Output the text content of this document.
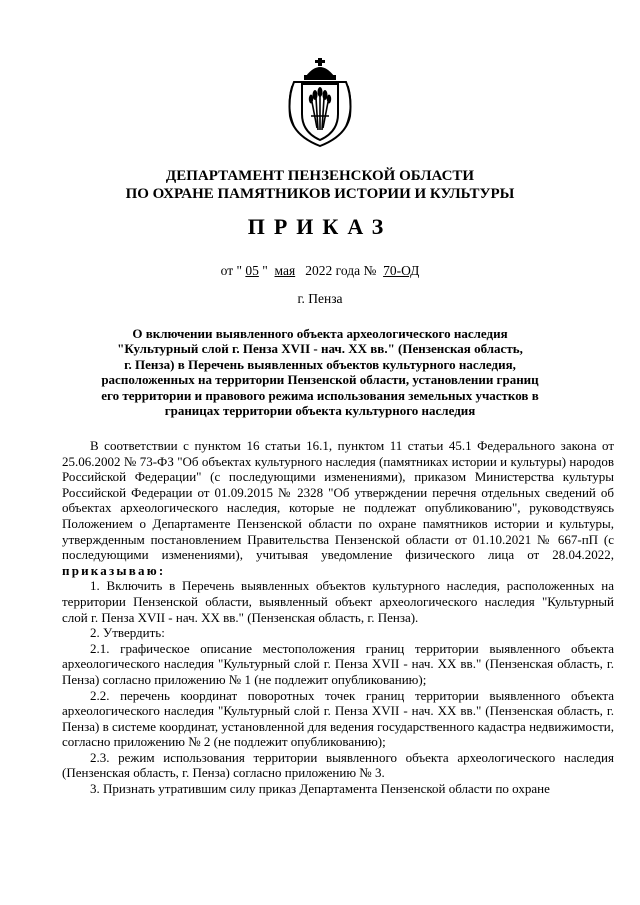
ДЕПАРТАМЕНТ ПЕНЗЕНСКОЙ ОБЛАСТИ
ПО ОХРАНЕ ПАМЯТНИКОВ ИСТОРИИ И КУЛЬТУРЫ
ПРИКАЗ
от " 05 " мая 2022 года № 70-ОД
г. Пенза
О включении выявленного объекта археологического наследия
"Культурный слой г. Пенза XVII - нач. XX вв." (Пензенская область,
г. Пенза) в Перечень выявленных объектов культурного наследия,
расположенных на территории Пензенской области, установлении границ
его территории и правового режима использования земельных участков в
границах территории объекта культурного наследия

В соответствии с пунктом 16 статьи 16.1, пунктом 11 статьи 45.1 Федерального закона от 25.06.2002 № 73-ФЗ "Об объектах культурного наследия (памятниках истории и культуры) народов Российской Федерации" (с последующими изменениями), приказом Министерства культуры Российской Федерации от 01.09.2015 № 2328 "Об утверждении перечня отдельных сведений об объектах археологического наследия, которые не подлежат опубликованию", руководствуясь Положением о Департаменте Пензенской области по охране памятников истории и культуры, утвержденным постановлением Правительства Пензенской области от 01.10.2021 № 667-пП (с последующими изменениями), учитывая уведомление физического лица от 28.04.2022, приказываю:

1. Включить в Перечень выявленных объектов культурного наследия, расположенных на территории Пензенской области, выявленный объект археологического наследия "Культурный слой г. Пенза XVII - нач. XX вв." (Пензенская область, г. Пенза).

2. Утвердить:

2.1. графическое описание местоположения границ территории выявленного объекта археологического наследия "Культурный слой г. Пенза XVII - нач. XX вв." (Пензенская область, г. Пенза) согласно приложению № 1 (не подлежит опубликованию);

2.2. перечень координат поворотных точек границ территории выявленного объекта археологического наследия "Культурный слой г. Пенза XVII - нач. XX вв." (Пензенская область, г. Пенза) в системе координат, установленной для ведения государственного кадастра недвижимости, согласно приложению № 2 (не подлежит опубликованию);

2.3. режим использования территории выявленного объекта археологического наследия (Пензенская область, г. Пенза) согласно приложению № 3.

3. Признать утратившим силу приказ Департамента Пензенской области по охране
